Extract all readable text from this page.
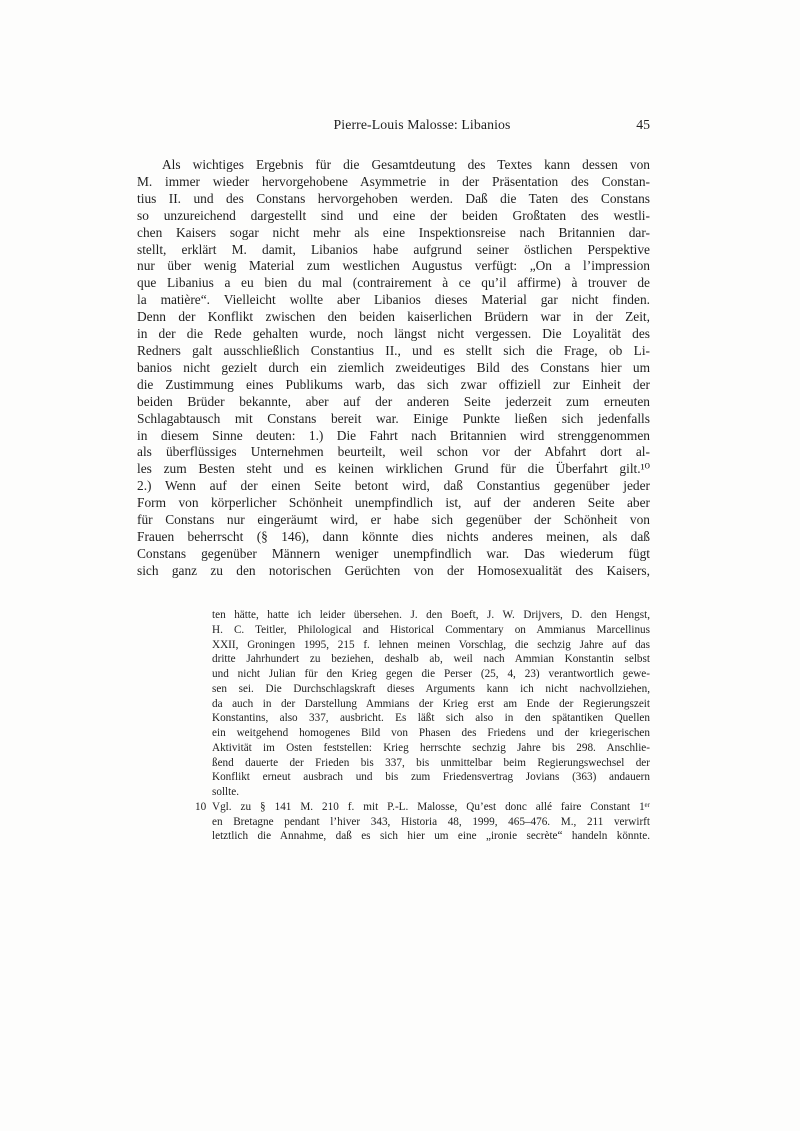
Pierre-Louis Malosse: Libanios	45
Als wichtiges Ergebnis für die Gesamtdeutung des Textes kann dessen von
M. immer wieder hervorgehobene Asymmetrie in der Präsentation des Constan-
tius II. und des Constans hervorgehoben werden. Daß die Taten des Constans
so unzureichend dargestellt sind und eine der beiden Großtaten des westli-
chen Kaisers sogar nicht mehr als eine Inspektionsreise nach Britannien dar-
stellt, erklärt M. damit, Libanios habe aufgrund seiner östlichen Perspektive
nur über wenig Material zum westlichen Augustus verfügt: „On a l’impression
que Libanius a eu bien du mal (contrairement à ce qu’il affirme) à trouver de
la matière“. Vielleicht wollte aber Libanios dieses Material gar nicht finden.
Denn der Konflikt zwischen den beiden kaiserlichen Brüdern war in der Zeit,
in der die Rede gehalten wurde, noch längst nicht vergessen. Die Loyalität des
Redners galt ausschließlich Constantius II., und es stellt sich die Frage, ob Li-
banios nicht gezielt durch ein ziemlich zweideutiges Bild des Constans hier um
die Zustimmung eines Publikums warb, das sich zwar offiziell zur Einheit der
beiden Brüder bekannte, aber auf der anderen Seite jederzeit zum erneuten
Schlagabtausch mit Constans bereit war. Einige Punkte ließen sich jedenfalls
in diesem Sinne deuten: 1.) Die Fahrt nach Britannien wird strenggenommen
als überflüssiges Unternehmen beurteilt, weil schon vor der Abfahrt dort al-
les zum Besten steht und es keinen wirklichen Grund für die Überfahrt gilt.¹⁰
2.) Wenn auf der einen Seite betont wird, daß Constantius gegenüber jeder
Form von körperlicher Schönheit unempfindlich ist, auf der anderen Seite aber
für Constans nur eingeräumt wird, er habe sich gegenüber der Schönheit von
Frauen beherrscht (§ 146), dann könnte dies nichts anderes meinen, als daß
Constans gegenüber Männern weniger unempfindlich war. Das wiederum fügt
sich ganz zu den notorischen Gerüchten von der Homosexualität des Kaisers,
ten hätte, hatte ich leider übersehen. J. den Boeft, J. W. Drijvers, D. den Hengst,
H. C. Teitler, Philological and Historical Commentary on Ammianus Marcellinus
XXII, Groningen 1995, 215 f. lehnen meinen Vorschlag, die sechzig Jahre auf das
dritte Jahrhundert zu beziehen, deshalb ab, weil nach Ammian Konstantin selbst
und nicht Julian für den Krieg gegen die Perser (25, 4, 23) verantwortlich gewe-
sen sei. Die Durchschlagskraft dieses Arguments kann ich nicht nachvollziehen,
da auch in der Darstellung Ammians der Krieg erst am Ende der Regierungszeit
Konstantins, also 337, ausbricht. Es läßt sich also in den spätantiken Quellen
ein weitgehend homogenes Bild von Phasen des Friedens und der kriegerischen
Aktivität im Osten feststellen: Krieg herrschte sechzig Jahre bis 298. Anschlie-
ßend dauerte der Frieden bis 337, bis unmittelbar beim Regierungswechsel der
Konflikt erneut ausbrach und bis zum Friedensvertrag Jovians (363) andauern
sollte.
10 Vgl. zu § 141 M. 210 f. mit P.-L. Malosse, Qu’est donc allé faire Constant 1ᵉʳ
en Bretagne pendant l’hiver 343, Historia 48, 1999, 465–476. M., 211 verwirft
letztlich die Annahme, daß es sich hier um eine „ironie secrète“ handeln könnte.
